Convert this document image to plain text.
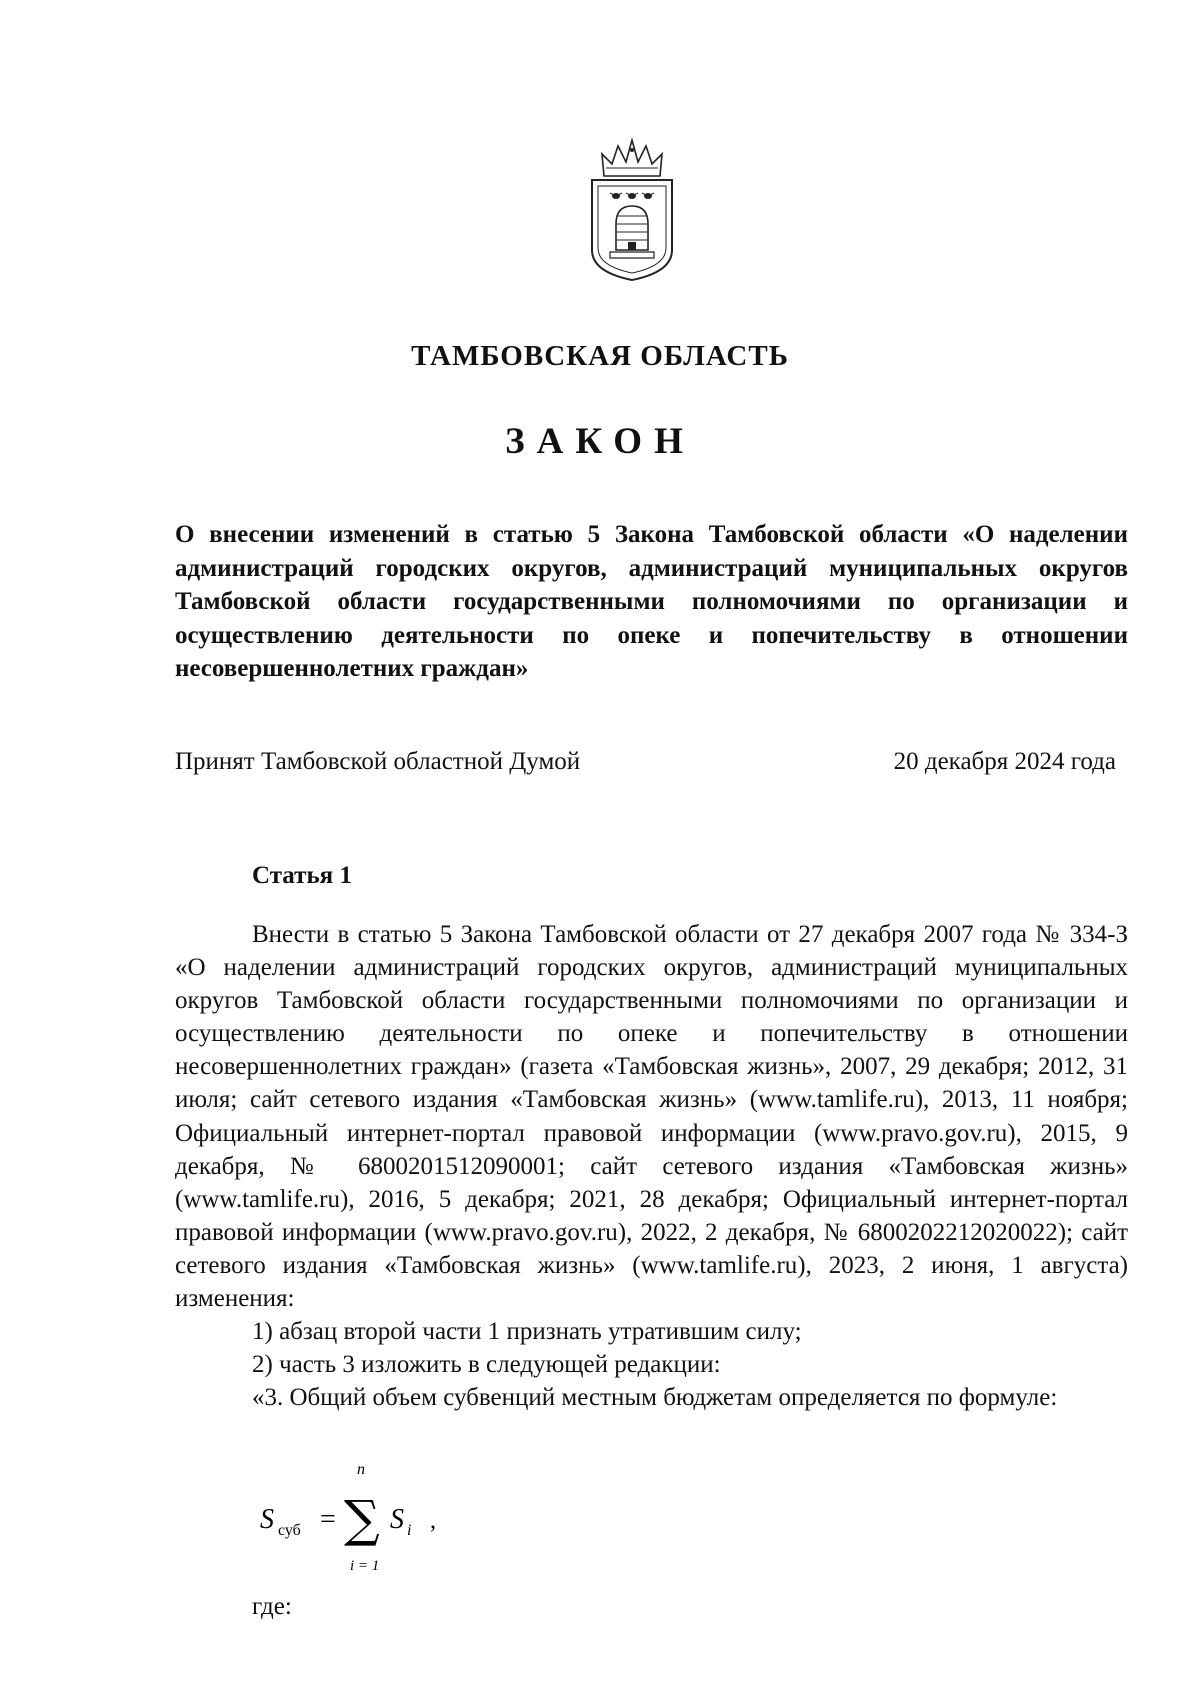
ТАМБОВСКАЯ ОБЛАСТЬ
ЗАКОН
О внесении изменений в статью 5 Закона Тамбовской области «О наделении администраций городских округов, администраций муниципальных округов Тамбовской области государственными полномочиями по организации и осуществлению деятельности по опеке и попечительству в отношении несовершеннолетних граждан»
Принят Тамбовской областной Думой	20 декабря 2024 года
Статья 1

Внести в статью 5 Закона Тамбовской области от 27 декабря 2007 года № 334-З «О наделении администраций городских округов, администраций муниципальных округов Тамбовской области государственными полномочиями по организации и осуществлению деятельности по опеке и попечительству в отношении несовершеннолетних граждан» (газета «Тамбовская жизнь», 2007, 29 декабря; 2012, 31 июля; сайт сетевого издания «Тамбовская жизнь» (www.tamlife.ru), 2013, 11 ноября; Официальный интернет-портал правовой информации (www.pravo.gov.ru), 2015, 9 декабря, № 6800201512090001; сайт сетевого издания «Тамбовская жизнь» (www.tamlife.ru), 2016, 5 декабря; 2021, 28 декабря; Официальный интернет-портал правовой информации (www.pravo.gov.ru), 2022, 2 декабря, № 6800202212020022); сайт сетевого издания «Тамбовская жизнь» (www.tamlife.ru), 2023, 2 июня, 1 августа) изменения:

1) абзац второй части 1 признать утратившим силу;

2) часть 3 изложить в следующей редакции:

«3. Общий объем субвенций местным бюджетам определяется по формуле:

S суб =
n
∑
i = 1
S i ,
где:
